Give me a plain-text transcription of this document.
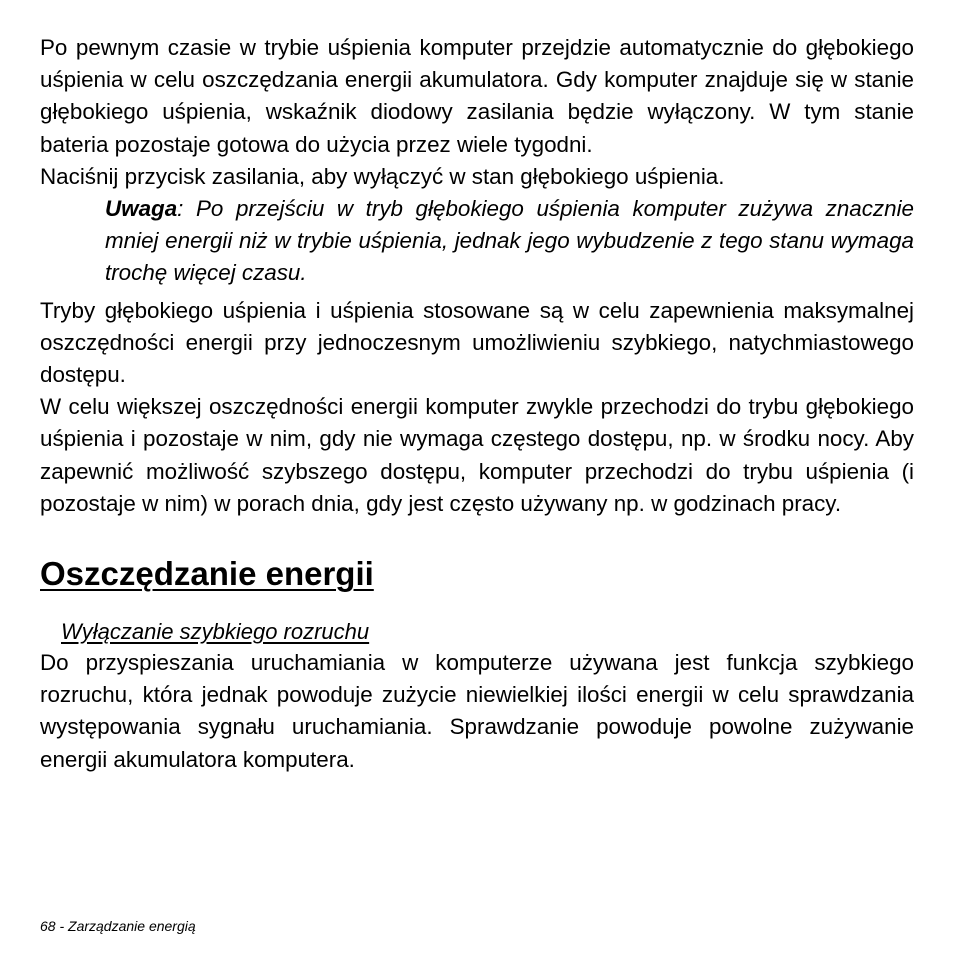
Po pewnym czasie w trybie uśpienia komputer przejdzie automatycznie do głębokiego uśpienia w celu oszczędzania energii akumulatora. Gdy komputer znajduje się w stanie głębokiego uśpienia, wskaźnik diodowy zasilania będzie wyłączony. W tym stanie bateria pozostaje gotowa do użycia przez wiele tygodni.

Naciśnij przycisk zasilania, aby wyłączyć w stan głębokiego uśpienia.

Uwaga: Po przejściu w tryb głębokiego uśpienia komputer zużywa znacznie mniej energii niż w trybie uśpienia, jednak jego wybudzenie z tego stanu wymaga trochę więcej czasu.

Tryby głębokiego uśpienia i uśpienia stosowane są w celu zapewnienia maksymalnej oszczędności energii przy jednoczesnym umożliwieniu szybkiego, natychmiastowego dostępu.

W celu większej oszczędności energii komputer zwykle przechodzi do trybu głębokiego uśpienia i pozostaje w nim, gdy nie wymaga częstego dostępu, np. w środku nocy. Aby zapewnić możliwość szybszego dostępu, komputer przechodzi do trybu uśpienia (i pozostaje w nim) w porach dnia, gdy jest często używany np. w godzinach pracy.

Oszczędzanie energii
Wyłączanie szybkiego rozruchu

Do przyspieszania uruchamiania w komputerze używana jest funkcja szybkiego rozruchu, która jednak powoduje zużycie niewielkiej ilości energii w celu sprawdzania występowania sygnału uruchamiania. Sprawdzanie powoduje powolne zużywanie energii akumulatora komputera.

68 - Zarządzanie energią
